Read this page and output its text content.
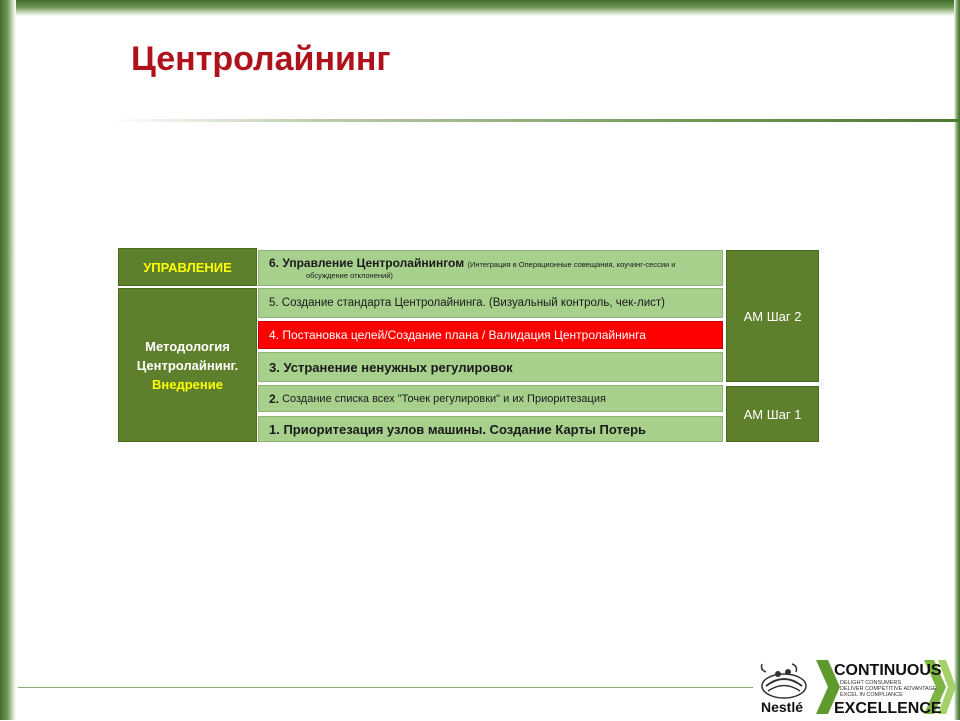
Центролайнинг
УПРАВЛЕНИЕ
Методология
Центролайнинг.
Внедрение
6. Управление Центролайнингом (Интеграция в Операционные совещания, коучинг-сессии и
обсуждение отклонений)
5. Создание стандарта Центролайнинга. (Визуальный контроль, чек-лист)
4. Постановка целей/Создание плана / Валидация Центролайнинга
3. Устранение ненужных регулировок
2. Создание списка всех "Точек регулировки" и их Приоритезация
1. Приоритезация узлов машины. Создание Карты Потерь
АМ Шаг 2
АМ Шаг 1
Nestlé
CONTINUOUS
DELIGHT CONSUMERS
DELIVER COMPETITIVE ADVANTAGE
EXCEL IN COMPLIANCE
EXCELLENCE
